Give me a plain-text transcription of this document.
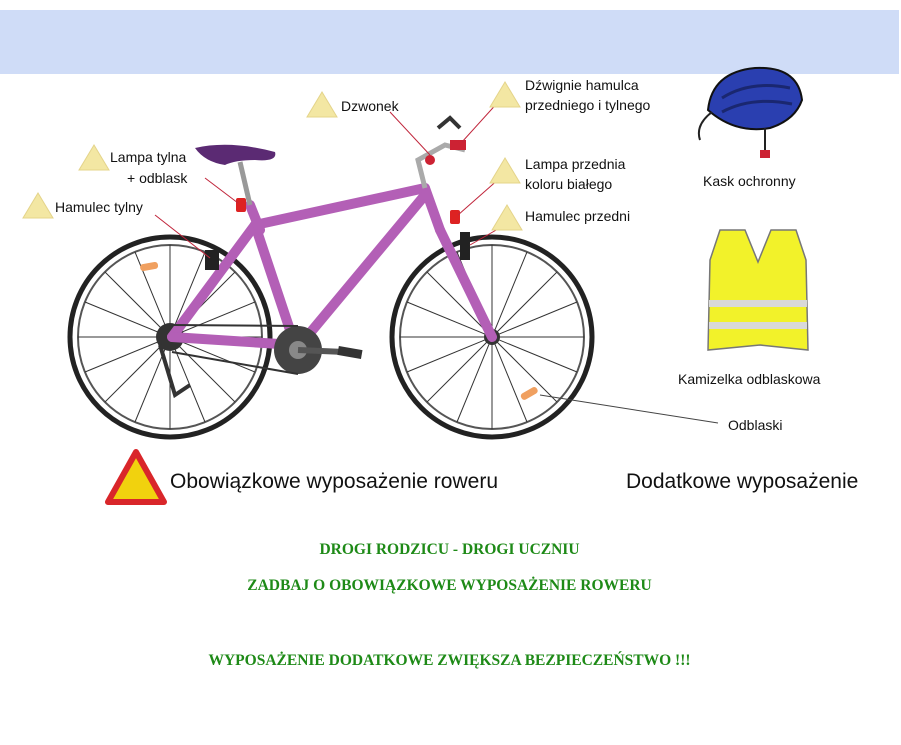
Dzwonek
Dźwignie hamulca
przedniego i tylnego
Lampa tylna
+ odblask
Hamulec tylny
Lampa przednia
koloru białego
Hamulec przedni
Kask ochronny
Kamizelka odblaskowa
Odblaski
Obowiązkowe wyposażenie roweru	Dodatkowe wyposażenie
DROGI RODZICU - DROGI UCZNIU
ZADBAJ O OBOWIĄZKOWE WYPOSAŻENIE ROWERU
WYPOSAŻENIE DODATKOWE ZWIĘKSZA BEZPIECZEŃSTWO !!!
